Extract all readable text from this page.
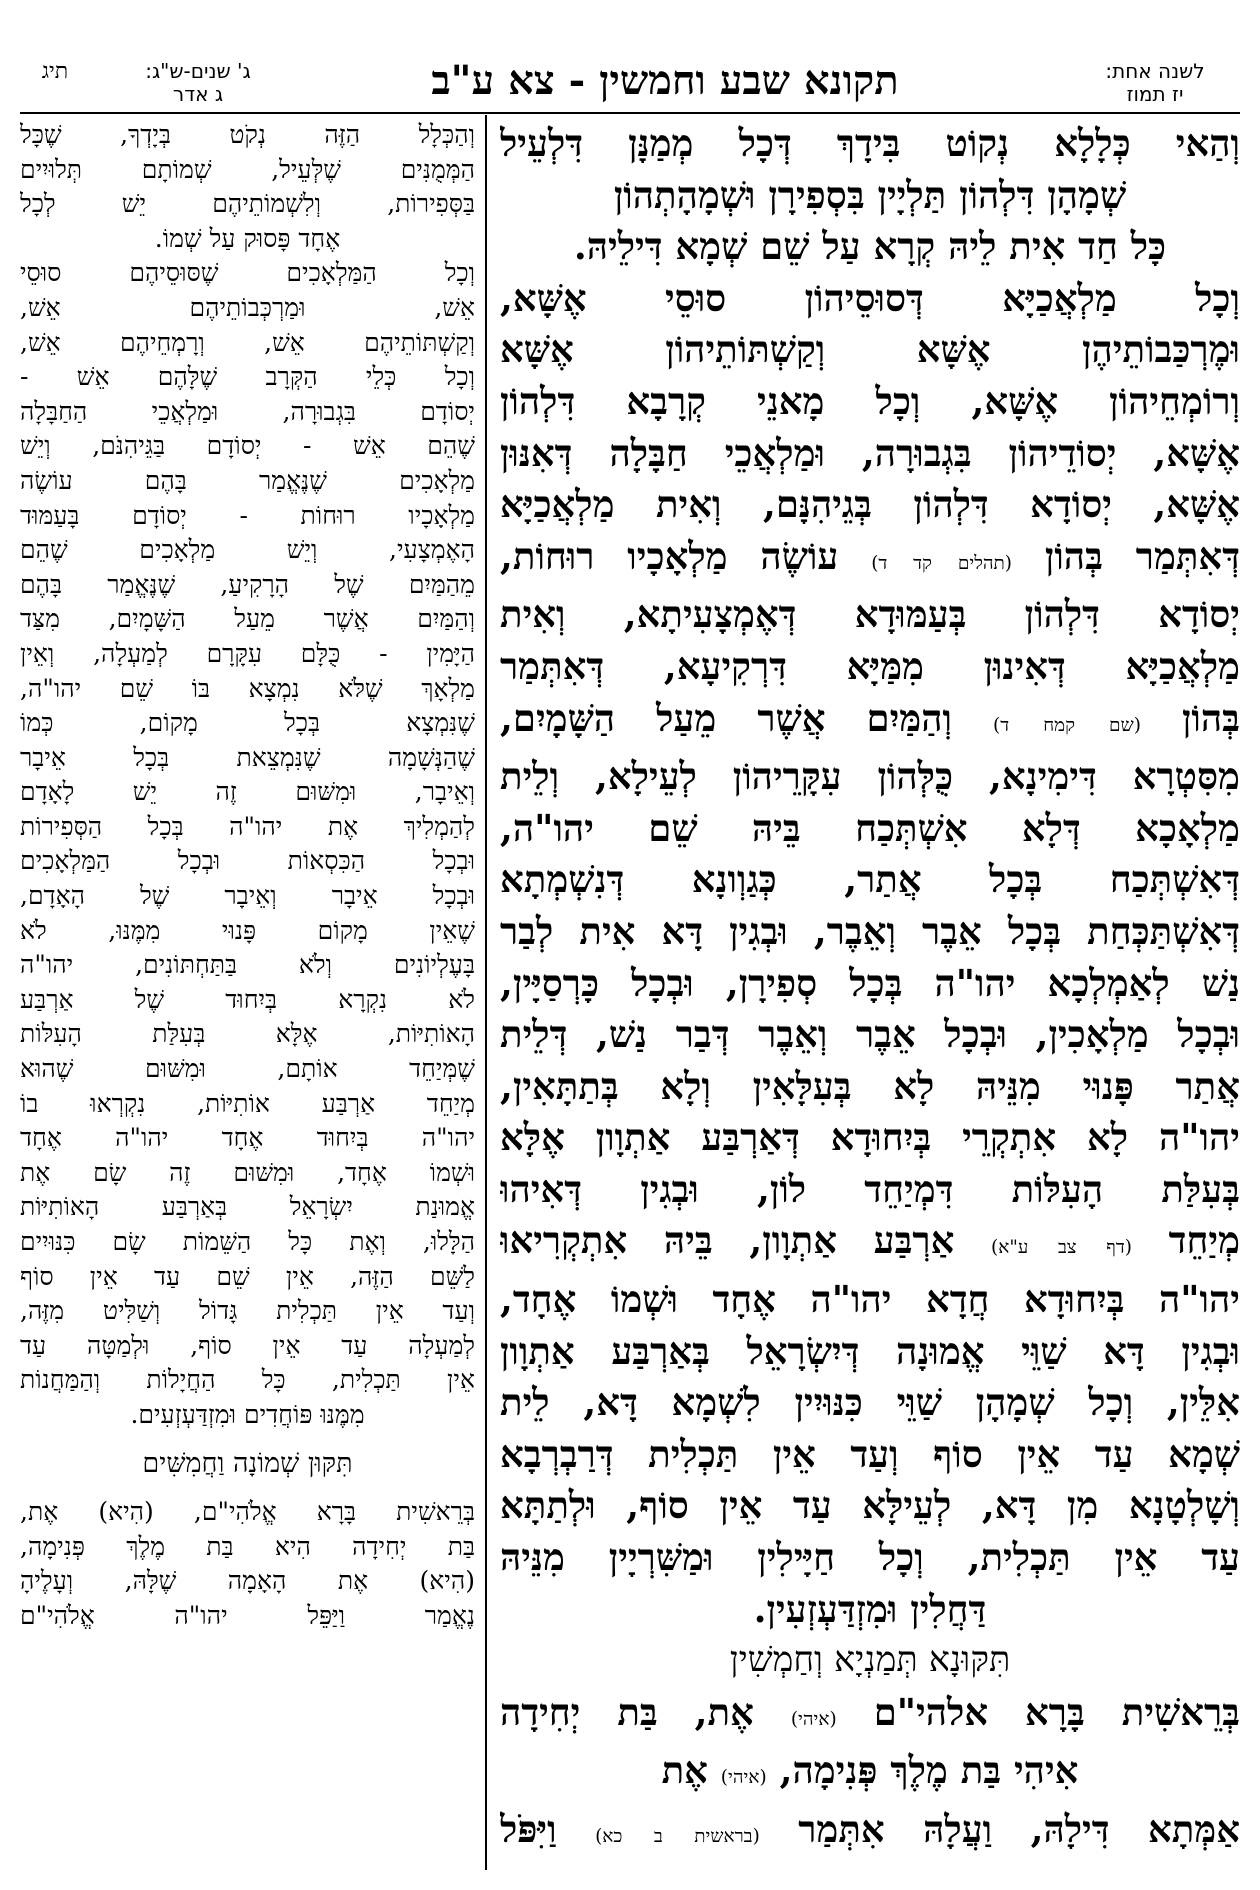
לשנה אחת:
יז תמוז
תקונא שבע וחמשין - צא ע"ב
ג' שנים-ש"ג:
ג אדר
תיג

וְהַאי כְּלָלָא נְקוֹט בִּידָךְ דְּכָל מְמַנָּן דִּלְעֵיל

שְׁמָהָן דִּלְהוֹן תַּלְיָין בִּסְפִירָן וּשְׁמָהָתְהוֹן

כָּל חַד אִית לֵיהּ קְרָא עַל שֵׁם שְׁמָא דִּילֵיהּ.

וְכָל מַלְאֲכַיָּא דְּסוּסֵיהוֹן סוּסֵי אֶשָּׁא,

וּמֶרְכַּבוֹתֵיהֶן אֶשָּׁא וְקַשְׁתּוֹתֵיהוֹן אֶשָּׁא

וְרוֹמְחֵיהוֹן אֶשָּׁא, וְכָל מָאנֵי קְרָבָא דִּלְהוֹן

אֶשָּׁא, יְסוֹדֵיהוֹן בִּגְבוּרָה, וּמַלְאֲכֵי חַבָּלָה דְּאִנּוּן

אֶשָּׁא, יְסוֹדָא דִּלְהוֹן בְּגֵיהִנָּם, וְאִית מַלְאֲכַיָּא

דְּאִתְּמַר בְּהוֹן (תהלים קד ד) עוֹשֶׂה מַלְאָכָיו רוּחוֹת,

יְסוֹדָא דִּלְהוֹן בְּעַמּוּדָא דְּאֶמְצָעִיתָא, וְאִית

מַלְאֲכַיָּא דְּאִינוּן מִמַּיָּא דִּרְקִיעָא, דְּאִתְּמַר

בְּהוֹן (שם קמח ד) וְהַמַּיִם אֲשֶׁר מֵעַל הַשָּׁמָיִם,

מִסִּטְרָא דִּימִינָא, כֻּלְּהוֹן עִקָּרֵיהוֹן לְעֵילָא, וְלֵית

מַלְאָכָא דְּלָא אִשְׁתְּכַח בֵּיהּ שֵׁם יהו"ה,

דְּאִשְׁתְּכַח בְּכָל אֲתַר, כְּגַוְונָא דְּנִשְׁמְתָא

דְּאִשְׁתַּכְּחַת בְּכָל אֵבֶר וְאֵבֶר, וּבְגִין דָּא אִית לְבַר

נַשׁ לְאַמְלְכָא יהו"ה בְּכָל סְפִירָן, וּבְכָל כָּרְסַיָּין,

וּבְכָל מַלְאָכִין, וּבְכָל אֵבֶר וְאֵבֶר דְּבַר נַשׁ, דְּלֵית

אֲתַר פָּנוּי מִנֵּיהּ לָא בְּעִלָּאִין וְלָא בְּתַתָּאִין,

יהו"ה לָא אִתְקְרֵי בְּיִחוּדָא דְּאַרְבַּע אַתְוָון אֶלָּא

בְּעִלַּת הָעִלּוֹת דִּמְיַחֵד לוֹן, וּבְגִין דְּאִיהוּ

מְיַחֵד (דף צב ע"א) אַרְבַּע אַתְוָון, בֵּיהּ אִתְקְרִיאוּ

יהו"ה בְּיִחוּדָא חֲדָא יהו"ה אֶחָד וּשְׁמוֹ אֶחָד,

וּבְגִין דָּא שַׁוֵּי אֱמוּנָה דְּיִשְׂרָאֵל בְּאַרְבַּע אַתְוָון

אִלֵּין, וְכָל שְׁמָהָן שַׁוֵּי כִּנּוּיִין לִשְׁמָא דָּא, לֵית

שְׁמָא עַד אֵין סוֹף וְעַד אֵין תַּכְלִית דְּרַבְרְבָא

וְשָׁלְטָנָא מִן דָּא, לְעֵילָּא עַד אֵין סוֹף, וּלְתַתָּא

עַד אֵין תַּכְלִית, וְכָל חַיָּילִין וּמַשִּׁרְיָין מִנֵּיהּ

דַּחֲלִין וּמִזְדַּעְזְעִין.

תִּקּוּנָא תְּמַנְיָא וְחַמְשִׁין

בְּרֵאשִׁית בָּרָא אלהי"ם (איהי) אֶת, בַּת יְחִידָה

אִיהִי בַּת מֶלֶךְ פְּנִימָה, (איהי) אֶת

אַמְּתָא דִּילָהּ, וַעֲלָהּ אִתְּמַר (בראשית ב כא) וַיִּפֹּל

וְהַכְּלָל הַזֶּה נְקֹט בְּיָדְךָ, שֶׁכָּל

הַמְּמֻנִּים שֶׁלְּעֵיל, שְׁמוֹתָם תְּלוּיִים

בַּסְּפִירוֹת, וְלִשְׁמוֹתֵיהֶם יֵשׁ לְכָל

אֶחָד פָּסוּק עַל שְׁמוֹ.

וְכָל הַמַּלְאָכִים שֶׁסּוּסֵיהֶם סוּסֵי

אֵשׁ, וּמַרְכְּבוֹתֵיהֶם אֵשׁ,

וְקַשְׁתּוֹתֵיהֶם אֵשׁ, וְרָמְחֵיהֶם אֵשׁ,

וְכָל כְּלֵי הַקְּרָב שֶׁלָּהֶם אֵשׁ -

יְסוֹדָם בִּגְבוּרָה, וּמַלְאֲכֵי הַחַבָּלָה

שֶׁהֵם אֵשׁ - יְסוֹדָם בַּגֵּיהִנֹּם, וְיֵשׁ

מַלְאָכִים שֶׁנֶּאֱמַר בָּהֶם עוֹשֶׂה

מַלְאָכָיו רוּחוֹת - יְסוֹדָם בָּעַמּוּד

הָאֶמְצָעִי, וְיֵשׁ מַלְאָכִים שֶׁהֵם

מֵהַמַּיִם שֶׁל הָרָקִיעַ, שֶׁנֶּאֱמַר בָּהֶם

וְהַמַּיִם אֲשֶׁר מֵעַל הַשָּׁמָיִם, מִצַּד

הַיָּמִין - כֻּלָּם עִקָּרָם לְמַעְלָה, וְאֵין

מַלְאָךְ שֶׁלֹּא נִמְצָא בּוֹ שֵׁם יהו"ה,

שֶׁנִּמְצָא בְּכָל מָקוֹם, כְּמוֹ

שֶׁהַנְּשָׁמָה שֶׁנִּמְצֵאת בְּכָל אֵיבָר

וְאֵיבָר, וּמִשּׁוּם זֶה יֵשׁ לָאָדָם

לְהַמְלִיךְ אֶת יהו"ה בְּכָל הַסְּפִירוֹת

וּבְכָל הַכִּסְאוֹת וּבְכָל הַמַּלְאָכִים

וּבְכָל אֵיבָר וְאֵיבָר שֶׁל הָאָדָם,

שֶׁאֵין מָקוֹם פָּנוּי מִמֶּנּוּ, לֹא

בָּעֶלְיוֹנִים וְלֹא בַּתַּחְתּוֹנִים, יהו"ה

לֹא נִקְרָא בְּיִחוּד שֶׁל אַרְבַּע

הָאוֹתִיּוֹת, אֶלָּא בְּעִלַּת הָעִלּוֹת

שֶׁמְּיַחֵד אוֹתָם, וּמִשּׁוּם שֶׁהוּא

מְיַחֵד אַרְבַּע אוֹתִיּוֹת, נִקְרְאוּ בוֹ

יהו"ה בְּיִחוּד אֶחָד יהו"ה אֶחָד

וּשְׁמוֹ אֶחָד, וּמִשּׁוּם זֶה שָׂם אֶת

אֱמוּנַת יִשְׂרָאֵל בְּאַרְבַּע הָאוֹתִיּוֹת

הַלָּלוּ, וְאֶת כָּל הַשֵּׁמוֹת שָׂם כִּנּוּיִים

לַשֵּׁם הַזֶּה, אֵין שֵׁם עַד אֵין סוֹף

וְעַד אֵין תַּכְלִית גָּדוֹל וְשַׁלִּיט מִזֶּה,

לְמַעְלָה עַד אֵין סוֹף, וּלְמַטָּה עַד

אֵין תַּכְלִית, כָּל הַחֲיָלוֹת וְהַמַּחֲנוֹת

מִמֶּנּוּ פּוֹחֲדִים וּמִזְדַּעְזְעִים.

תִּקּוּן שְׁמוֹנָה וַחֲמִשִּׁים

בְּרֵאשִׁית בָּרָא אֱלֹהִי"ם, (הִיא) אֶת,

בַּת יְחִידָה הִיא בַּת מֶלֶךְ פְּנִימָה,

(הִיא) אֶת הָאָמָה שֶׁלָּהּ, וְעָלֶיהָ

נֶאֱמַר וַיַּפֵּל יהו"ה אֱלֹהִי"ם
